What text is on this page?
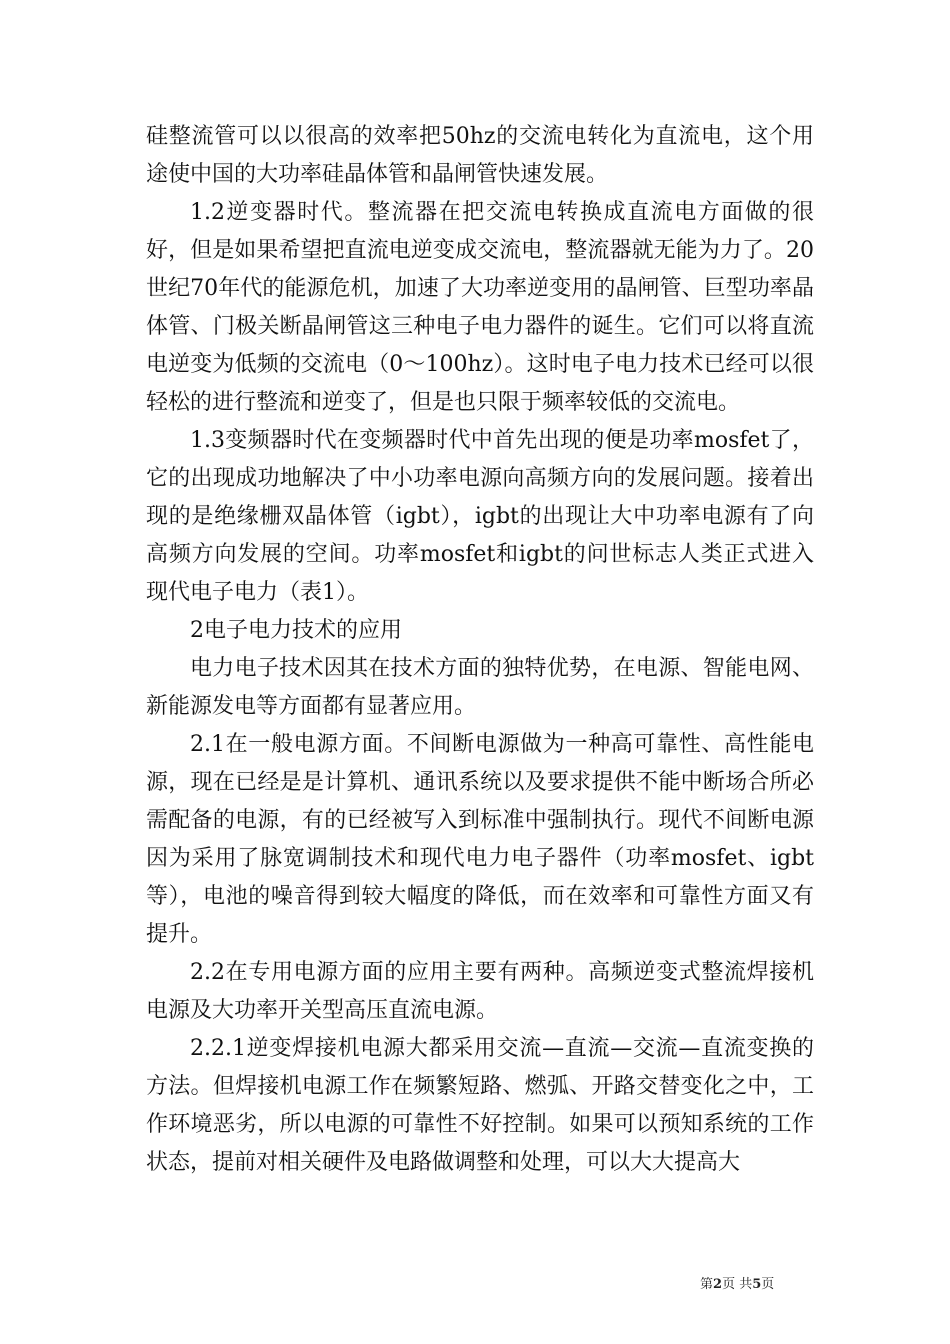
硅整流管可以以很高的效率把50hz的交流电转化为直流电，这个用途使中国的大功率硅晶体管和晶闸管快速发展。

1.2逆变器时代。整流器在把交流电转换成直流电方面做的很好，但是如果希望把直流电逆变成交流电，整流器就无能为力了。20世纪70年代的能源危机，加速了大功率逆变用的晶闸管、巨型功率晶体管、门极关断晶闸管这三种电子电力器件的诞生。它们可以将直流电逆变为低频的交流电（0～100hz）。这时电子电力技术已经可以很轻松的进行整流和逆变了，但是也只限于频率较低的交流电。

1.3变频器时代在变频器时代中首先出现的便是功率mosfet了，它的出现成功地解决了中小功率电源向高频方向的发展问题。接着出现的是绝缘栅双晶体管（igbt），igbt的出现让大中功率电源有了向高频方向发展的空间。功率mosfet和igbt的问世标志人类正式进入现代电子电力（表1）。

2电子电力技术的应用

电力电子技术因其在技术方面的独特优势，在电源、智能电网、新能源发电等方面都有显著应用。

2.1在一般电源方面。不间断电源做为一种高可靠性、高性能电源，现在已经是是计算机、通讯系统以及要求提供不能中断场合所必需配备的电源，有的已经被写入到标准中强制执行。现代不间断电源因为采用了脉宽调制技术和现代电力电子器件（功率mosfet、igbt等），电池的噪音得到较大幅度的降低，而在效率和可靠性方面又有提升。

2.2在专用电源方面的应用主要有两种。高频逆变式整流焊接机电源及大功率开关型高压直流电源。

2.2.1逆变焊接机电源大都采用交流—直流—交流—直流变换的方法。但焊接机电源工作在频繁短路、燃弧、开路交替变化之中，工作环境恶劣，所以电源的可靠性不好控制。如果可以预知系统的工作状态，提前对相关硬件及电路做调整和处理，可以大大提高大

第2页 共5页
